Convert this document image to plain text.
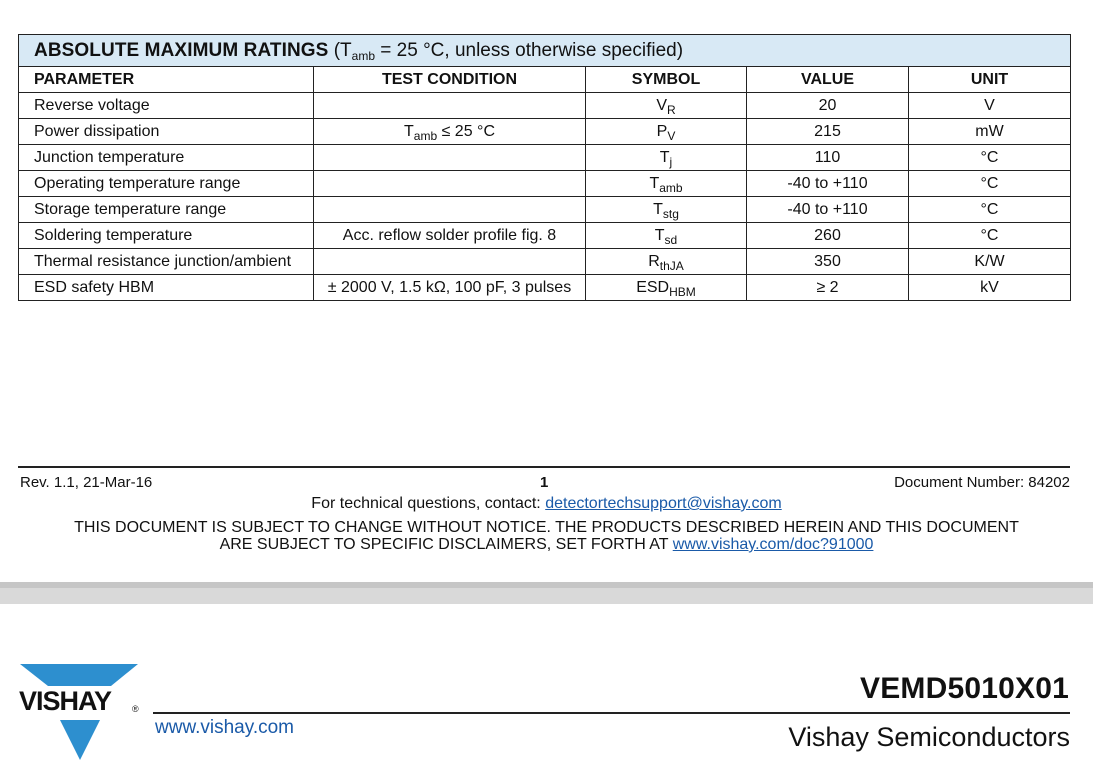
ABSOLUTE MAXIMUM RATINGS ($T_{amb} = 25$ °C, unless otherwise specified)				
PARAMETER	TEST CONDITION	SYMBOL	VALUE	UNIT
Reverse voltage		$V_R$	20	V
Power dissipation	$T_{amb} \le 25$ °C	$P_V$	215	mW
Junction temperature		$T_j$	110	°C
Operating temperature range		$T_{amb}$	-40 to +110	°C
Storage temperature range		$T_{stg}$	-40 to +110	°C
Soldering temperature	Acc. reflow solder profile fig. 8	$T_{sd}$	260	°C
Thermal resistance junction/ambient		$R_{thJA}$	350	K/W
ESD safety HBM	± 2000 V, 1.5 kΩ, 100 pF, 3 pulses	$ESD_{HBM}$	≥ 2	kV
Rev. 1.1, 21-Mar-16	1	Document Number: 84202
For technical questions, contact: detectortechsupport@vishay.com
THIS DOCUMENT IS SUBJECT TO CHANGE WITHOUT NOTICE. THE PRODUCTS DESCRIBED HEREIN AND THIS DOCUMENT
ARE SUBJECT TO SPECIFIC DISCLAIMERS, SET FORTH AT www.vishay.com/doc?91000
VISHAY ®
www.vishay.com
VEMD5010X01
Vishay Semiconductors
